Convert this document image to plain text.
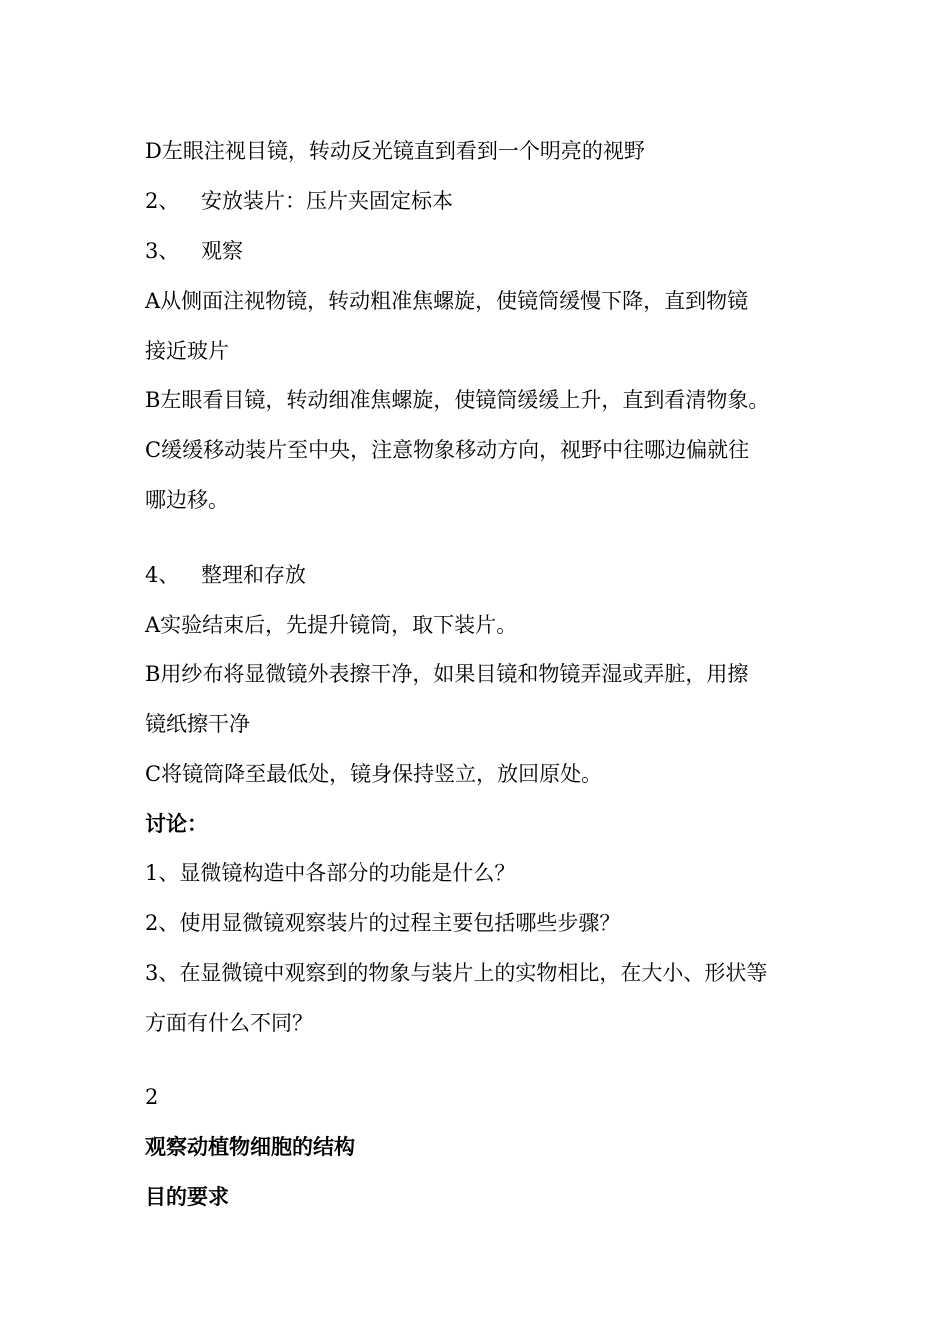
D左眼注视目镜，转动反光镜直到看到一个明亮的视野
2、 安放装片：压片夹固定标本
3、 观察
A从侧面注视物镜，转动粗准焦螺旋，使镜筒缓慢下降，直到物镜
接近玻片
B左眼看目镜，转动细准焦螺旋，使镜筒缓缓上升，直到看清物象。
C缓缓移动装片至中央，注意物象移动方向，视野中往哪边偏就往
哪边移。
4、 整理和存放
A实验结束后，先提升镜筒，取下装片。
B用纱布将显微镜外表擦干净，如果目镜和物镜弄湿或弄脏，用擦
镜纸擦干净
C将镜筒降至最低处，镜身保持竖立，放回原处。
讨论：
1、显微镜构造中各部分的功能是什么？
2、使用显微镜观察装片的过程主要包括哪些步骤？
3、在显微镜中观察到的物象与装片上的实物相比，在大小、形状等
方面有什么不同？
2
观察动植物细胞的结构
目的要求
